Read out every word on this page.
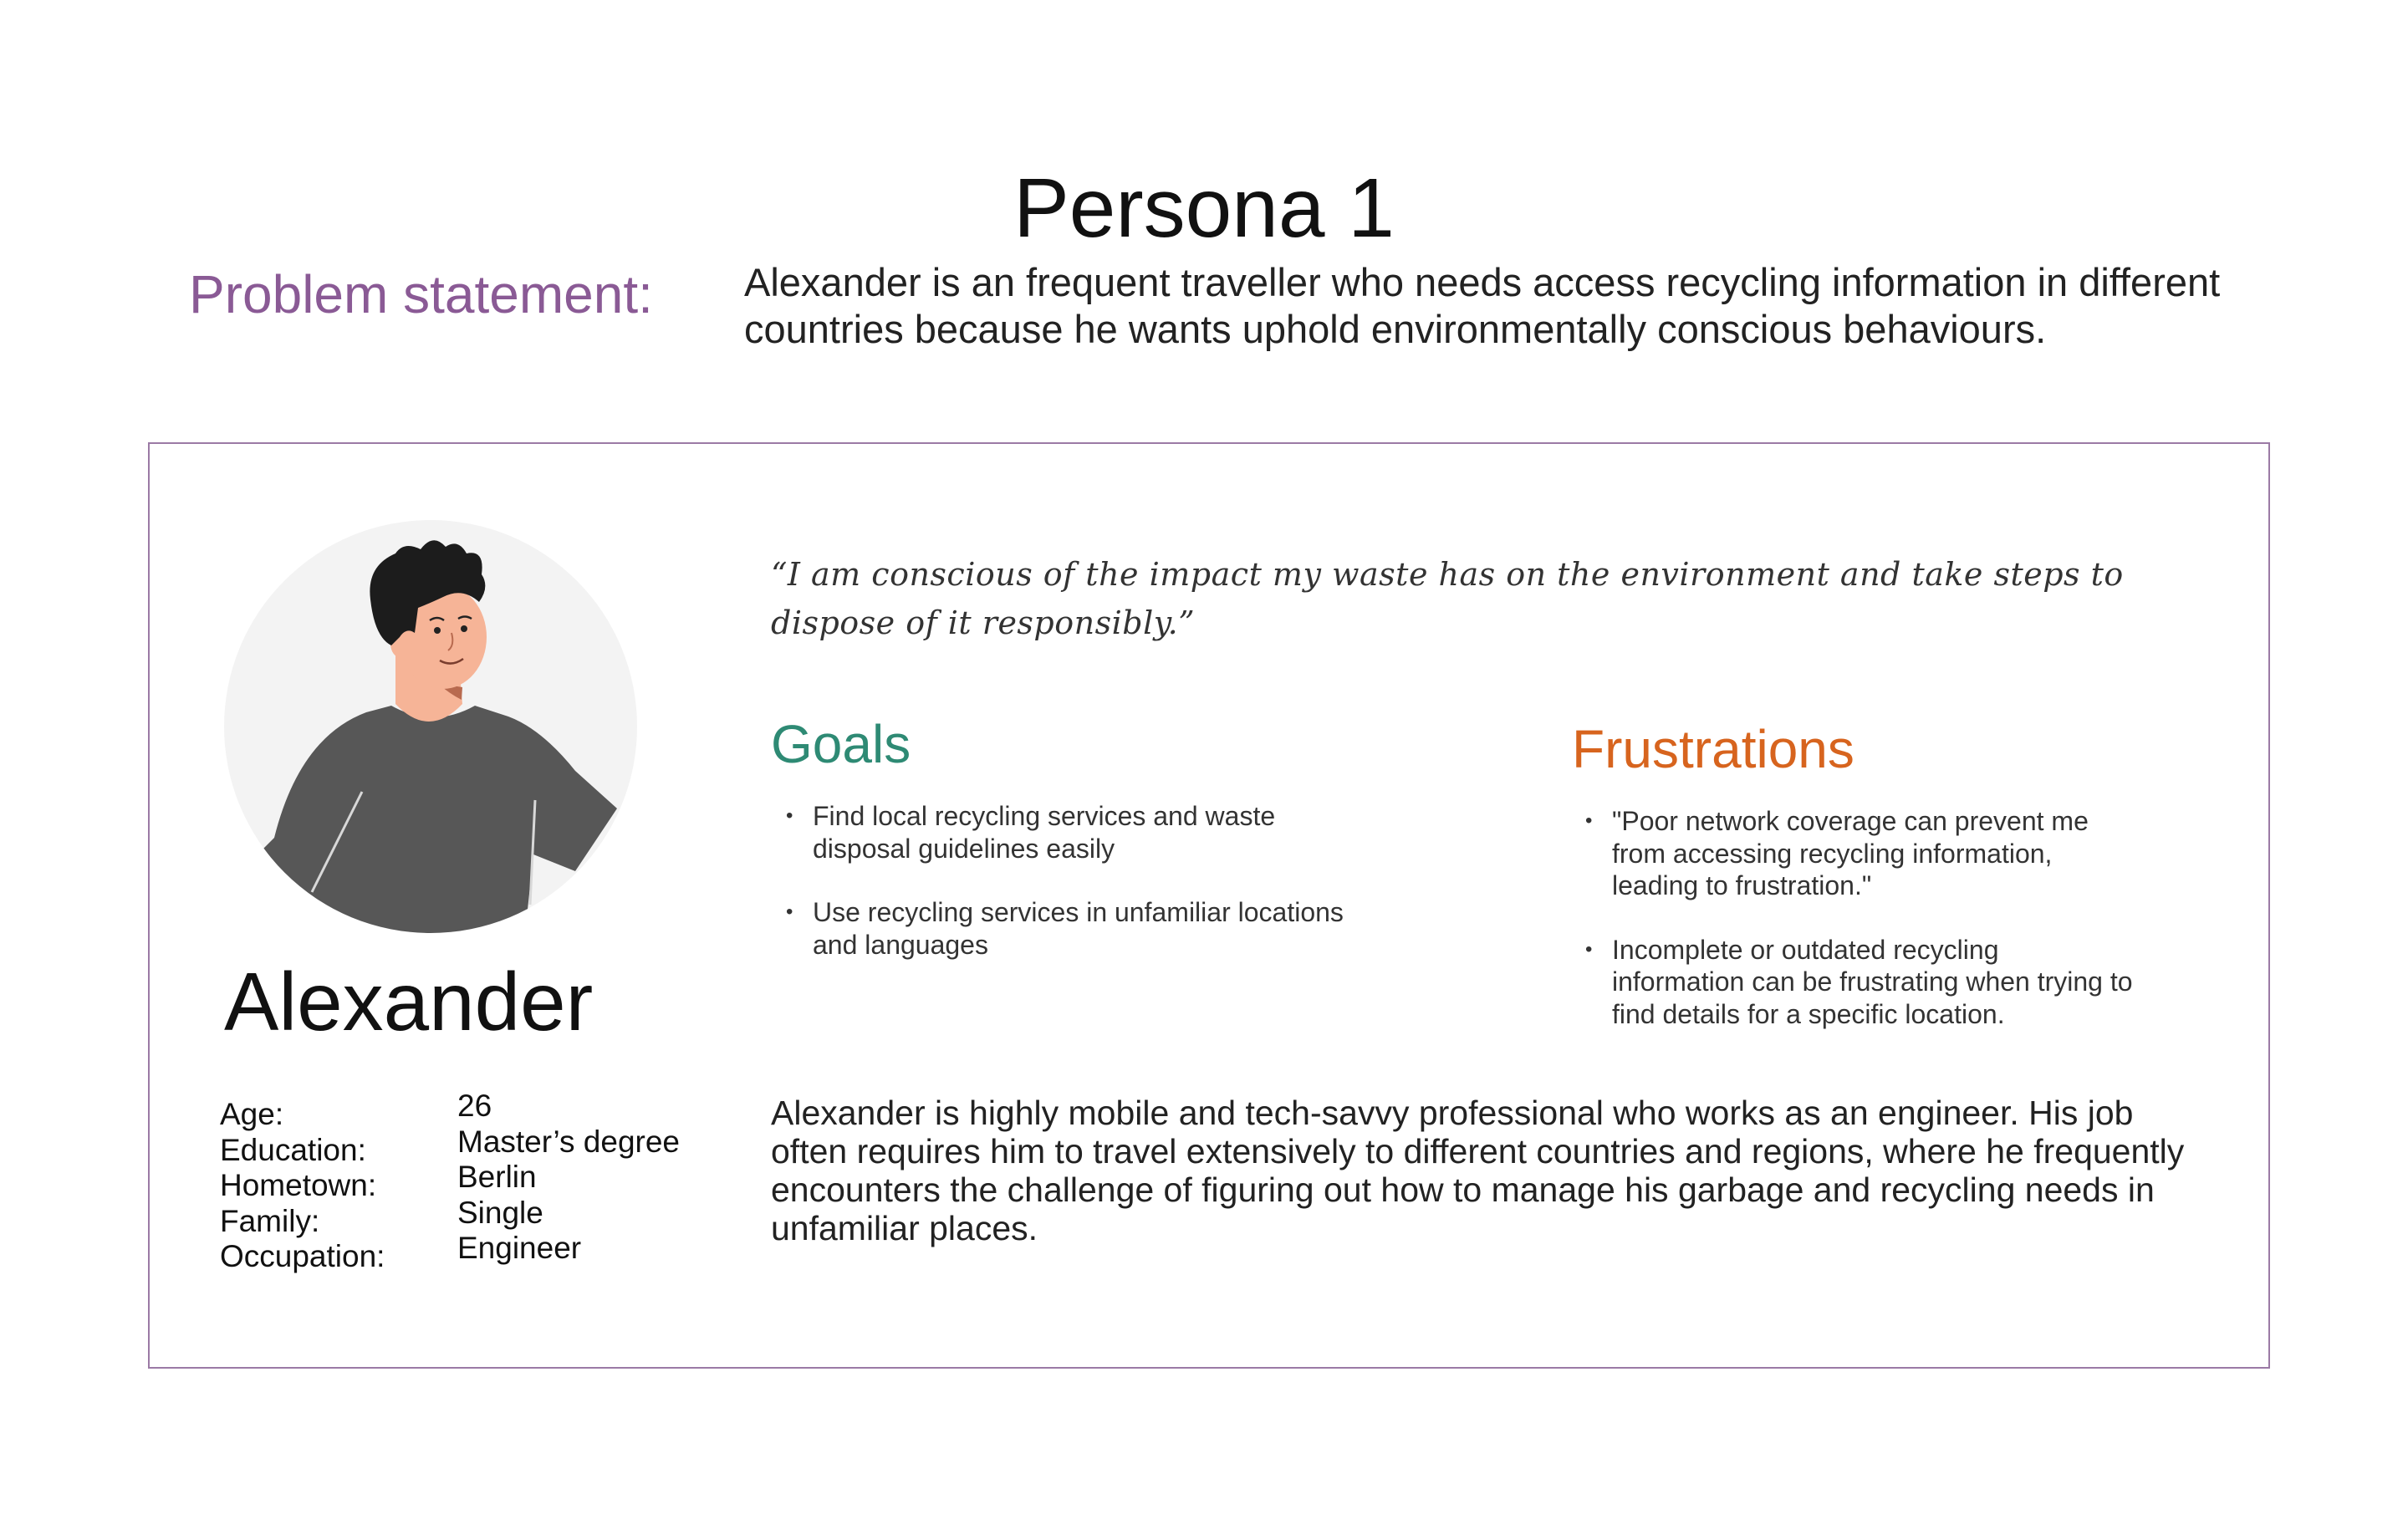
Persona 1
Problem statement: Alexander is an frequent traveller who needs access recycling information in different countries because he wants uphold environmentally conscious behaviours.
Alexander
Age:
Education:
Hometown:
Family:
Occupation:
26
Master’s degree
Berlin
Single
Engineer
“I am conscious of the impact my waste has on the environment and take steps to dispose of it responsibly.”
Goals
• Find local recycling services and waste disposal guidelines easily
• Use recycling services in unfamiliar locations and languages
Frustrations
• "Poor network coverage can prevent me from accessing recycling information, leading to frustration."
• Incomplete or outdated recycling information can be frustrating when trying to find details for a specific location.
Alexander is highly mobile and tech-savvy professional who works as an engineer. His job often requires him to travel extensively to different countries and regions, where he frequently encounters the challenge of figuring out how to manage his garbage and recycling needs in unfamiliar places.
